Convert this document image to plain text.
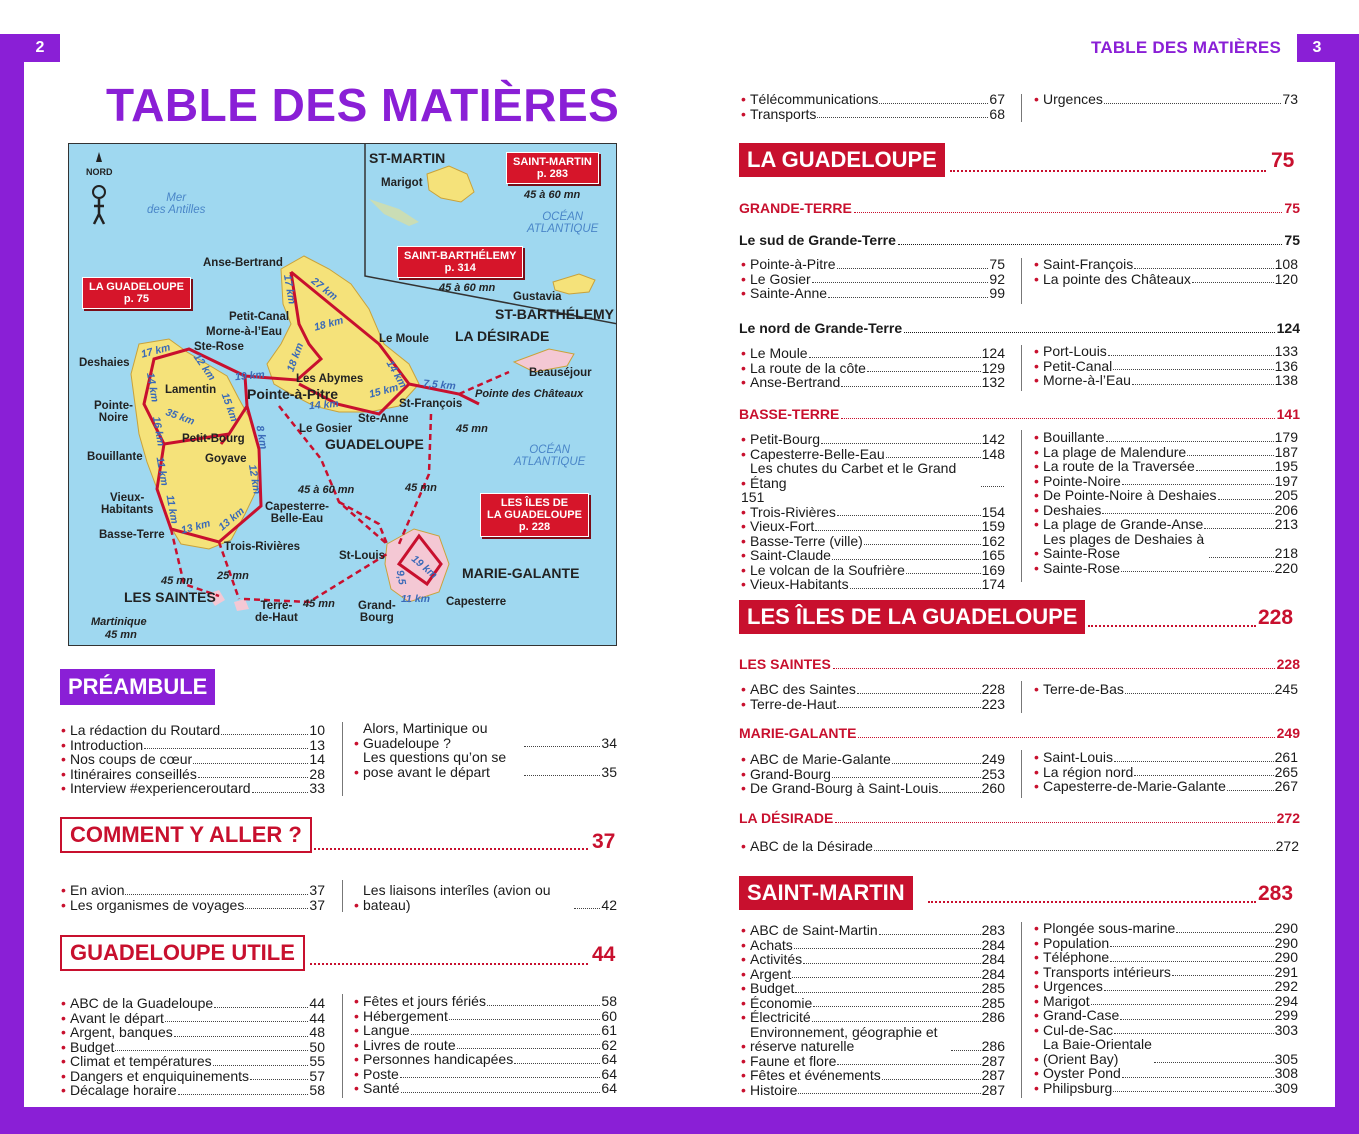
2	3
TABLE DES MATIÈRES
TABLE DES MATIÈRES
NORD
Mer
des Antilles
OCÉAN
ATLANTIQUE
OCÉAN
ATLANTIQUE
SAINT-MARTIN
p. 283
SAINT-BARTHÉLEMY
p. 314
LA GUADELOUPE
p. 75
LES ÎLES DE
LA GUADELOUPE
p. 228
ST-MARTIN
Marigot
Gustavia
ST-BARTHÉLEMY
45 à 60 mn
45 à 60 mn
Anse-Bertrand
Petit-Canal
Morne-à-l’Eau
Ste-Rose
Deshaies
Lamentin
Pointe-
Noire
Petit-Bourg
Goyave
Bouillante
Vieux-
Habitants	Capesterre-
Belle-Eau
Basse-Terre
Trois-Rivières
LES SAINTES
Terre-
de-Haut
Martinique
45 mn
Le Moule LA DÉSIRADE
Beauséjour
Pointe des Châteaux
Les Abymes
Pointe-à-Pitre
St-François
Le Gosier
Ste-Anne
GUADELOUPE
St-Louis
MARIE-GALANTE
Grand-
Bourg
Capesterre
45 mn
45 à 60 mn	45 mn
45 mn 25 mn
45 mn
27 km
17 km
18 km
14 km
18 km
19 km
12 km
15 km
17 km
14 km
35 km
16 km	8 km
14 km
15 km 7,5 km
11 km
11 km
12 km
13 km 13 km
9,5 19 km
11 km
PRÉAMBULE
• La rédaction du Routard	10
• Introduction	13
• Nos coups de cœur	14
• Itinéraires conseillés	28
• Interview #experienceroutard	33
•
Alors, Martinique ou Guadeloupe ?	34
•
Les questions qu’on se pose avant le départ	35
COMMENT Y ALLER ?	37
• En avion	37
• Les organismes de voyages	37 •
Les liaisons interîles (avion ou bateau)	42
GUADELOUPE UTILE	44
• ABC de la Guadeloupe	44
• Avant le départ	44
• Argent, banques	48
• Budget	50
• Climat et températures	55
• Dangers et enquiquinements	57
• Décalage horaire	58
• Fêtes et jours fériés	58
• Hébergement	60
• Langue	61
• Livres de route	62
• Personnes handicapées	64
• Poste	64
• Santé	64
• Télécommunications	67
• Transports	68
• Urgences	73
LA GUADELOUPE	75
GRANDE-TERRE	75
Le sud de Grande-Terre	75
• Pointe-à-Pitre	75
• Le Gosier	92
• Sainte-Anne	99
• Saint-François	108
• La pointe des Châteaux	120
Le nord de Grande-Terre	124
• Le Moule	124
• La route de la côte	129
• Anse-Bertrand	132
• Port-Louis	133
• Petit-Canal	136
• Morne-à-l’Eau	138
BASSE-TERRE	141
• Petit-Bourg	142
• Capesterre-Belle-Eau	148
•
Les chutes du Carbet et le Grand Étang
151
• Trois-Rivières	154
• Vieux-Fort	159
• Basse-Terre (ville)	162
• Saint-Claude	165
• Le volcan de la Soufrière	169
• Vieux-Habitants	174
• Bouillante	179
• La plage de Malendure	187
• La route de la Traversée	195
• Pointe-Noire	197
• De Pointe-Noire à Deshaies	205
• Deshaies	206
• La plage de Grande-Anse	213
•
Les plages de Deshaies à Sainte-Rose	218
• Sainte-Rose	220
LES ÎLES DE LA GUADELOUPE	228
LES SAINTES	228
• ABC des Saintes	228
• Terre-de-Haut	223
• Terre-de-Bas	245
MARIE-GALANTE	249
• ABC de Marie-Galante	249
• Grand-Bourg	253
• De Grand-Bourg à Saint-Louis	260
• Saint-Louis	261
• La région nord	265
• Capesterre-de-Marie-Galante	267
LA DÉSIRADE	272
• ABC de la Désirade	272
SAINT-MARTIN	283
• ABC de Saint-Martin	283
• Achats	284
• Activités	284
• Argent	284
• Budget	285
• Économie	285
• Électricité	286
•
Environnement, géographie et réserve naturelle	286
• Faune et flore	287
• Fêtes et événements	287
• Histoire	287
• Plongée sous-marine	290
• Population	290
• Téléphone	290
• Transports intérieurs	291
• Urgences	292
• Marigot	294
• Grand-Case	299
• Cul-de-Sac	303
•
La Baie-Orientale (Orient Bay)	305
• Oyster Pond	308
• Philipsburg	309
